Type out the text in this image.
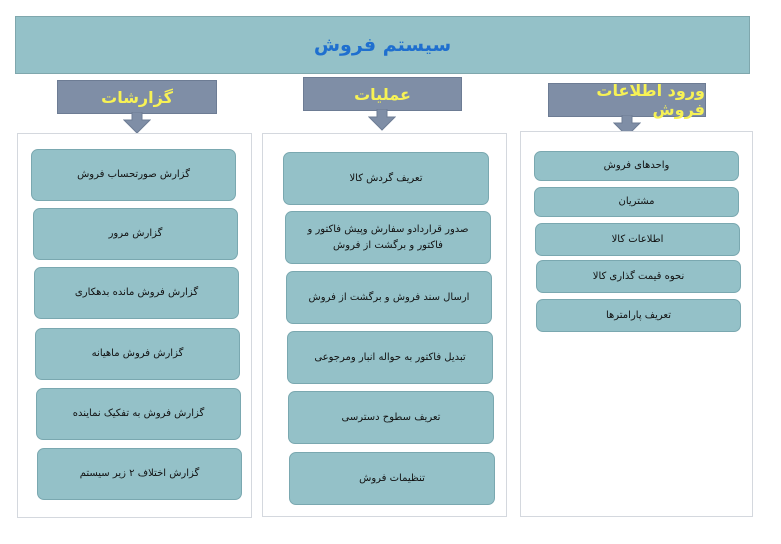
سیستم فروش
گزارشات	عملیات	ورود اطلاعات فروش
گزارش صورتحساب فروش
گزارش مرور
گزارش فروش مانده بدهکاری
گزارش فروش ماهیانه
گزارش فروش به تفکیک نماینده
گزارش اختلاف ۲ زیر سیستم
تعریف گردش کالا
صدور قراردادو سفارش وپیش فاکتور و فاکتور و برگشت از فروش
ارسال سند فروش و برگشت از فروش
تبدیل فاکتور به حواله انبار ومرجوعی
تعریف سطوح دسترسی
تنظیمات فروش
واحدهای فروش
مشتریان
اطلاعات کالا
نحوه قیمت گذاری کالا
تعریف پارامترها
